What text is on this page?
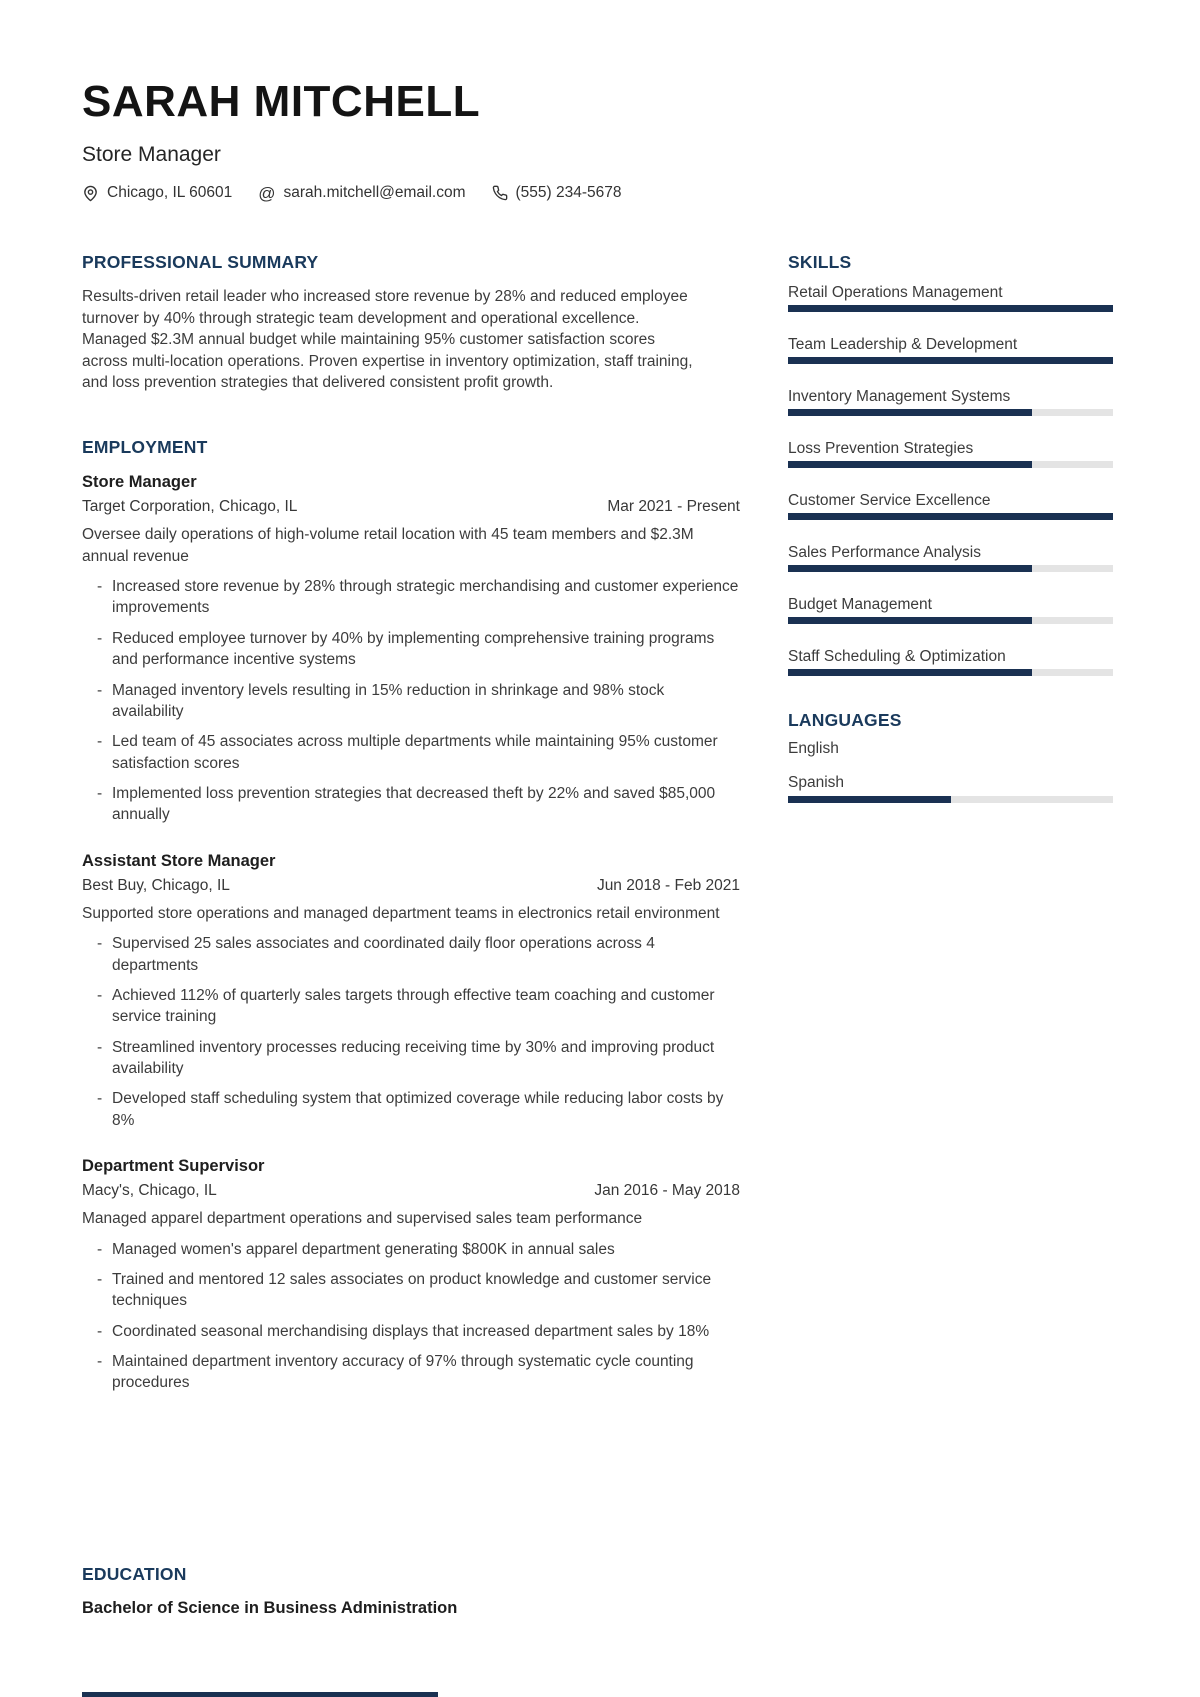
SARAH MITCHELL
Store Manager
Chicago, IL 60601 @ sarah.mitchell@email.com	(555) 234-5678
PROFESSIONAL SUMMARY
Results-driven retail leader who increased store revenue by 28% and reduced employee turnover by 40% through strategic team development and operational excellence. Managed $2.3M annual budget while maintaining 95% customer satisfaction scores across multi-location operations. Proven expertise in inventory optimization, staff training, and loss prevention strategies that delivered consistent profit growth.
EMPLOYMENT
Store Manager
Target Corporation, Chicago, IL	Mar 2021 - Present
Oversee daily operations of high-volume retail location with 45 team members and $2.3M annual revenue
- Increased store revenue by 28% through strategic merchandising and customer experience improvements
- Reduced employee turnover by 40% by implementing comprehensive training programs and performance incentive systems
- Managed inventory levels resulting in 15% reduction in shrinkage and 98% stock availability
- Led team of 45 associates across multiple departments while maintaining 95% customer satisfaction scores
- Implemented loss prevention strategies that decreased theft by 22% and saved $85,000 annually
Assistant Store Manager
Best Buy, Chicago, IL	Jun 2018 - Feb 2021
Supported store operations and managed department teams in electronics retail environment
- Supervised 25 sales associates and coordinated daily floor operations across 4 departments
- Achieved 112% of quarterly sales targets through effective team coaching and customer service training
- Streamlined inventory processes reducing receiving time by 30% and improving product availability
- Developed staff scheduling system that optimized coverage while reducing labor costs by 8%
Department Supervisor
Macy's, Chicago, IL	Jan 2016 - May 2018
Managed apparel department operations and supervised sales team performance
- Managed women's apparel department generating $800K in annual sales
- Trained and mentored 12 sales associates on product knowledge and customer service techniques
- Coordinated seasonal merchandising displays that increased department sales by 18%
- Maintained department inventory accuracy of 97% through systematic cycle counting procedures
EDUCATION
Bachelor of Science in Business Administration
SKILLS
Retail Operations Management
Team Leadership & Development
Inventory Management Systems
Loss Prevention Strategies
Customer Service Excellence
Sales Performance Analysis
Budget Management
Staff Scheduling & Optimization
LANGUAGES
English
Spanish
